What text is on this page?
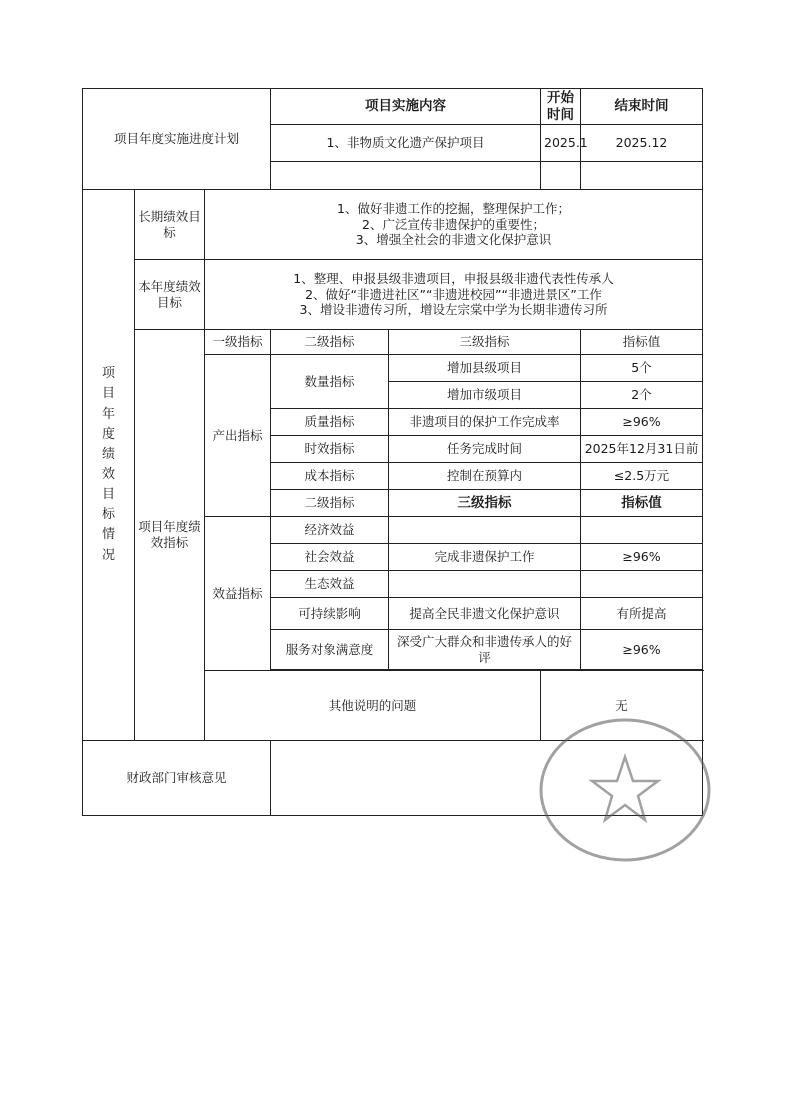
项目年度实施进度计划			项目实施内容		开始时间	结束时间
			1、非物质文化遗产保护项目		2025.1	2025.12

项目年度绩效目标情况	长期绩效目标	1、做好非遗工作的挖掘，整理保护工作；
2、广泛宣传非遗保护的重要性；
3、增强全社会的非遗文化保护意识				

	本年度绩效目标	1、整理、申报县级非遗项目，申报县级非遗代表性传承人
2、做好“非遗进社区”“非遗进校园”“非遗进景区”工作
3、增设非遗传习所，增设左宗棠中学为长期非遗传习所				

	项目年度绩效指标	一级指标	二级指标	三级指标		指标值
		产出指标	数量指标	增加县级项目		5个
				增加市级项目		2个
			质量指标	非遗项目的保护工作完成率		≥96%
			时效指标	任务完成时间		2025年12月31日前
			成本指标	控制在预算内		≤2.5万元
			二级指标	三级指标		指标值
		效益指标	经济效益			
			社会效益	完成非遗保护工作		≥96%
			生态效益			
			可持续影响	提高全民非遗文化保护意识		有所提高
			服务对象满意度	深受广大群众和非遗传承人的好评		≥96%

		其他说明的问题			无	
财政部门审核意见						
